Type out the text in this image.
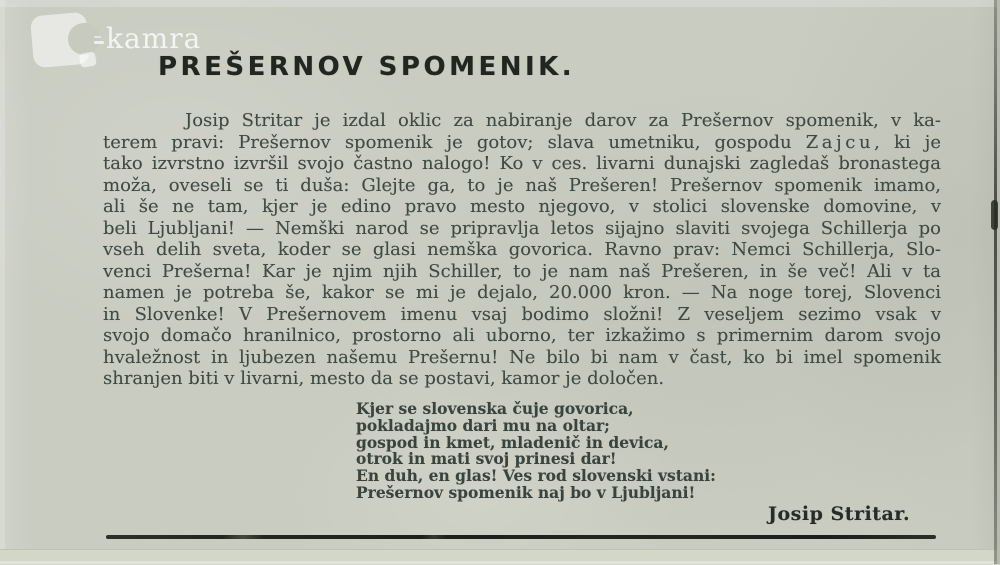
kamra
PREŠERNOV SPOMENIK.
Josip Stritar je izdal oklic za nabiranje darov za Prešernov spomenik, v ka-
terem pravi: Prešernov spomenik je gotov; slava umetniku, gospodu Z a j c u , ki je
tako izvrstno izvršil svojo častno nalogo! Ko v ces. livarni dunajski zagledaš bronastega
moža, oveseli se ti duša: Glejte ga, to je naš Prešeren! Prešernov spomenik imamo,
ali še ne tam, kjer je edino pravo mesto njegovo, v stolici slovenske domovine, v
beli Ljubljani! — Nemški narod se pripravlja letos sijajno slaviti svojega Schillerja po
vseh delih sveta, koder se glasi nemška govorica. Ravno prav: Nemci Schillerja, Slo-
venci Prešerna! Kar je njim njih Schiller, to je nam naš Prešeren, in še več! Ali v ta
namen je potreba še, kakor se mi je dejalo, 20.000 kron. — Na noge torej, Slovenci
in Slovenke! V Prešernovem imenu vsaj bodimo složni! Z veseljem sezimo vsak v
svojo domačo hranilnico, prostorno ali uborno, ter izkažimo s primernim darom svojo
hvaležnost in ljubezen našemu Prešernu! Ne bilo bi nam v čast, ko bi imel spomenik
shranjen biti v livarni, mesto da se postavi, kamor je določen.
Kjer se slovenska čuje govorica,
pokladajmo dari mu na oltar;
gospod in kmet, mladenič in devica,
otrok in mati svoj prinesi dar!
En duh, en glas! Ves rod slovenski vstani:
Prešernov spomenik naj bo v Ljubljani!
Josip Stritar.
